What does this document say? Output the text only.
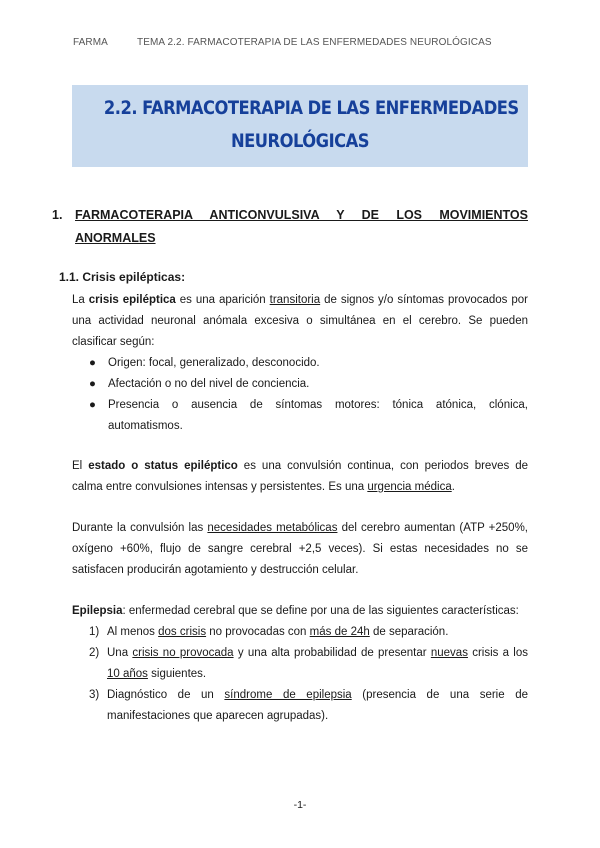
FARMA	TEMA 2.2. FARMACOTERAPIA DE LAS ENFERMEDADES NEUROLÓGICAS
2.2. FARMACOTERAPIA DE LAS ENFERMEDADES
NEUROLÓGICAS
1. FARMACOTERAPIA ANTICONVULSIVA Y DE LOS MOVIMIENTOS ANORMALES
1.1. Crisis epilépticas:
La crisis epiléptica es una aparición transitoria de signos y/o síntomas provocados por una actividad neuronal anómala excesiva o simultánea en el cerebro. Se pueden clasificar según:
● Origen: focal, generalizado, desconocido.
● Afectación o no del nivel de conciencia.
● Presencia o ausencia de síntomas motores: tónica atónica, clónica, automatismos.
El estado o status epiléptico es una convulsión continua, con periodos breves de calma entre convulsiones intensas y persistentes. Es una urgencia médica.
Durante la convulsión las necesidades metabólicas del cerebro aumentan (ATP +250%, oxígeno +60%, flujo de sangre cerebral +2,5 veces). Si estas necesidades no se satisfacen producirán agotamiento y destrucción celular.
Epilepsia: enfermedad cerebral que se define por una de las siguientes características:
1) Al menos dos crisis no provocadas con más de 24h de separación.
2) Una crisis no provocada y una alta probabilidad de presentar nuevas crisis a los 10 años siguientes.
3) Diagnóstico de un síndrome de epilepsia (presencia de una serie de manifestaciones que aparecen agrupadas).
-1-
